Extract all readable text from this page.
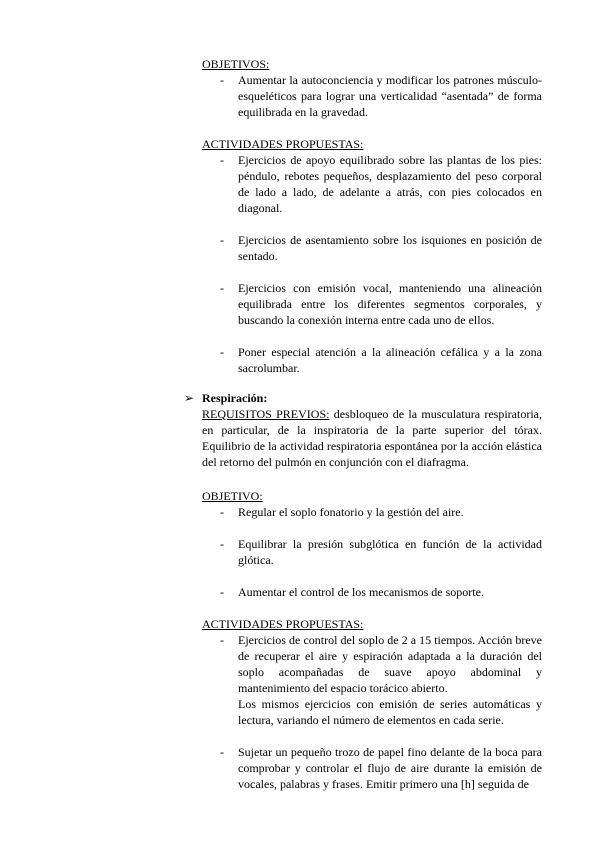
OBJETIVOS:
-	Aumentar la autoconciencia y modificar los patrones músculo-esqueléticos para lograr una verticalidad “asentada” de forma equilibrada en la gravedad.
ACTIVIDADES PROPUESTAS:
-	Ejercicios de apoyo equilibrado sobre las plantas de los pies: péndulo, rebotes pequeños, desplazamiento del peso corporal de lado a lado, de adelante a atrás, con pies colocados en diagonal.
-	Ejercicios de asentamiento sobre los isquiones en posición de sentado.
-	Ejercicios con emisión vocal, manteniendo una alineación equilibrada entre los diferentes segmentos corporales, y buscando la conexión interna entre cada uno de ellos.
-	Poner especial atención a la alineación cefálica y a la zona sacrolumbar.
➢ Respiración:
REQUISITOS PREVIOS: desbloqueo de la musculatura respiratoria, en particular, de la inspiratoria de la parte superior del tórax. Equilibrio de la actividad respiratoria espontánea por la acción elástica del retorno del pulmón en conjunción con el diafragma.
OBJETIVO:
-	Regular el soplo fonatorio y la gestión del aire.
-	Equilibrar la presión subglótica en función de la actividad glótica.
-	Aumentar el control de los mecanismos de soporte.
ACTIVIDADES PROPUESTAS:
-	Ejercicios de control del soplo de 2 a 15 tiempos. Acción breve de recuperar el aire y espiración adaptada a la duración del soplo acompañadas de suave apoyo abdominal y mantenimiento del espacio torácico abierto.
Los mismos ejercicios con emisión de series automáticas y lectura, variando el número de elementos en cada serie.
-	Sujetar un pequeño trozo de papel fino delante de la boca para comprobar y controlar el flujo de aire durante la emisión de vocales, palabras y frases. Emitir primero una [h] seguida de
